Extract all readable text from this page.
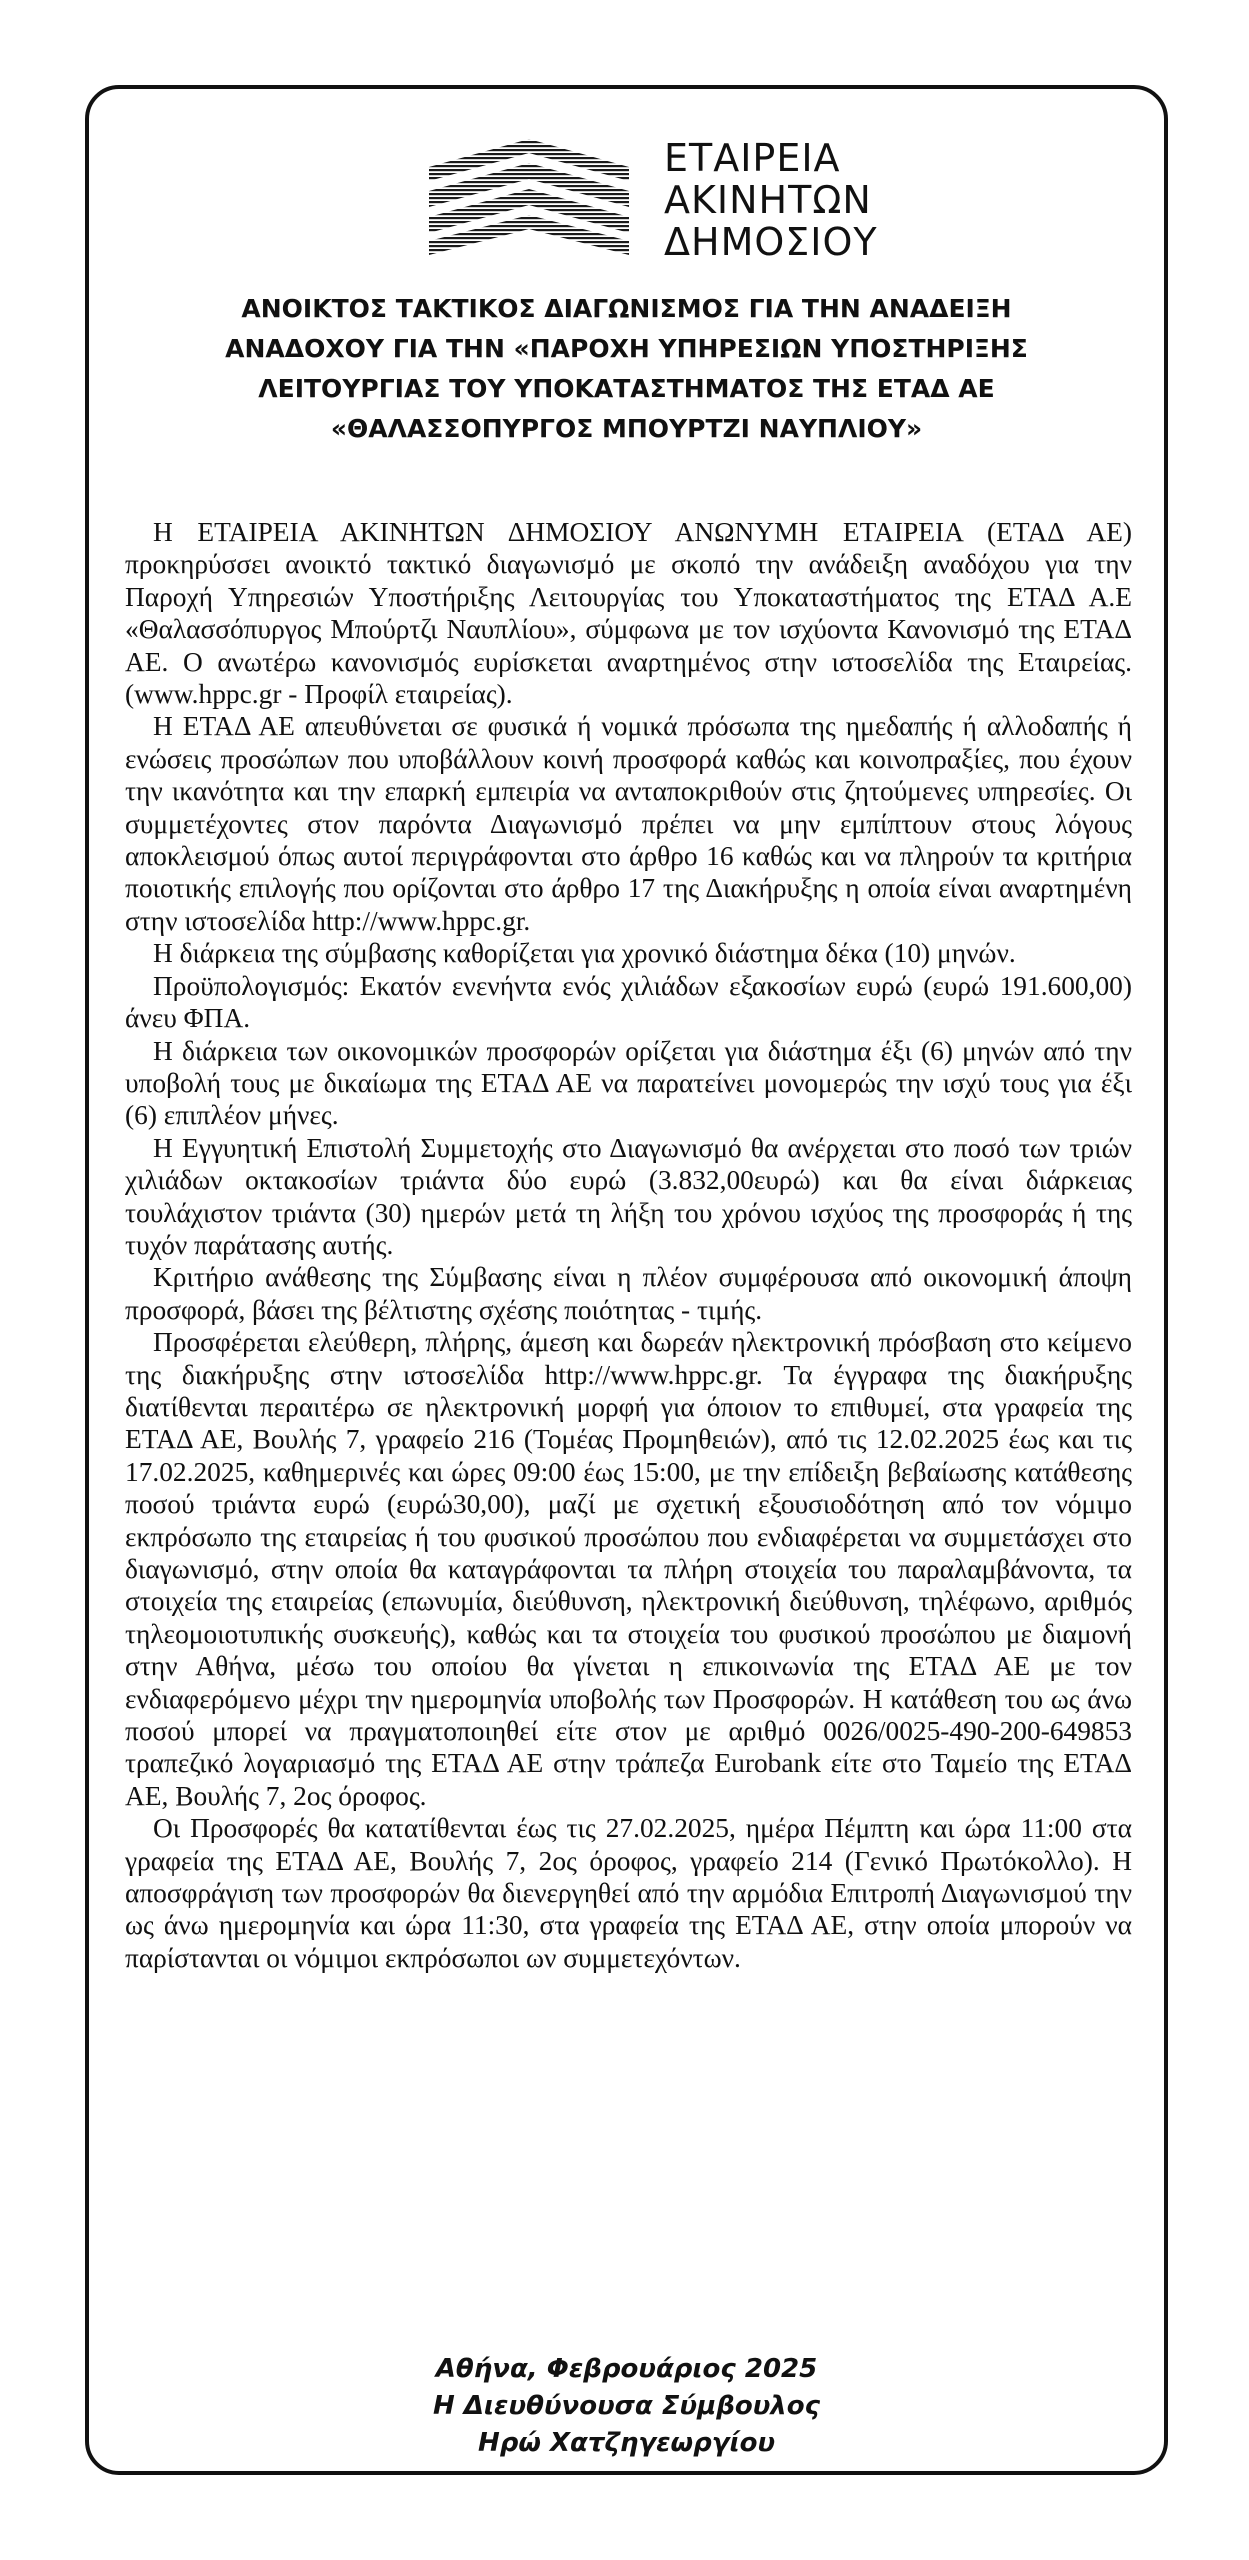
ΕΤΑΙΡΕΙΑ
ΑΚΙΝΗΤΩΝ
ΔΗΜΟΣΙΟΥ
ΑΝΟΙΚΤΟΣ ΤΑΚΤΙΚΟΣ ΔΙΑΓΩΝΙΣΜΟΣ ΓΙΑ ΤΗΝ ΑΝΑΔΕΙΞΗ
ΑΝΑΔΟΧΟΥ ΓΙΑ ΤΗΝ «ΠΑΡΟΧΗ ΥΠΗΡΕΣΙΩΝ ΥΠΟΣΤΗΡΙΞΗΣ
ΛΕΙΤΟΥΡΓΙΑΣ ΤΟΥ ΥΠΟΚΑΤΑΣΤΗΜΑΤΟΣ ΤΗΣ ΕΤΑΔ ΑΕ
«ΘΑΛΑΣΣΟΠΥΡΓΟΣ ΜΠΟΥΡΤΖΙ ΝΑΥΠΛΙΟΥ»

Η ΕΤΑΙΡΕΙΑ ΑΚΙΝΗΤΩΝ ΔΗΜΟΣΙΟΥ ΑΝΩΝΥΜΗ ΕΤΑΙΡΕΙΑ (ΕΤΑΔ ΑΕ) προκηρύσσει ανοικτό τακτικό διαγωνισμό με σκοπό την ανάδειξη αναδόχου για την Παροχή Υπηρεσιών Υποστήριξης Λειτουργίας του Υποκαταστήματος της ΕΤΑΔ Α.Ε «Θαλασσόπυργος Μπούρτζι Ναυπλίου», σύμφωνα με τον ισχύοντα Κανονισμό της ΕΤΑΔ ΑΕ. Ο ανωτέρω κανονισμός ευρίσκεται αναρτημένος στην ιστοσελίδα της Εταιρείας. (www.hppc.gr - Προφίλ εταιρείας).

Η ΕΤΑΔ ΑΕ απευθύνεται σε φυσικά ή νομικά πρόσωπα της ημεδαπής ή αλλοδαπής ή ενώσεις προσώπων που υποβάλλουν κοινή προσφορά καθώς και κοινοπραξίες, που έχουν την ικανότητα και την επαρκή εμπειρία να ανταποκριθούν στις ζητούμενες υπηρεσίες. Οι συμμετέχοντες στον παρόντα Διαγωνισμό πρέπει να μην εμπίπτουν στους λόγους αποκλεισμού όπως αυτοί περιγράφονται στο άρθρο 16 καθώς και να πληρούν τα κριτήρια ποιοτικής επιλογής που ορίζονται στο άρθρο 17 της Διακήρυξης η οποία είναι αναρτημένη στην ιστοσελίδα http://www.hppc.gr.

Η διάρκεια της σύμβασης καθορίζεται για χρονικό διάστημα δέκα (10) μηνών.

Προϋπολογισμός: Εκατόν ενενήντα ενός χιλιάδων εξακοσίων ευρώ (ευρώ 191.600,00) άνευ ΦΠΑ.

Η διάρκεια των οικονομικών προσφορών ορίζεται για διάστημα έξι (6) μηνών από την υποβολή τους με δικαίωμα της ΕΤΑΔ ΑΕ να παρατείνει μονομερώς την ισχύ τους για έξι (6) επιπλέον μήνες.

Η Εγγυητική Επιστολή Συμμετοχής στο Διαγωνισμό θα ανέρχεται στο ποσό των τριών χιλιάδων οκτακοσίων τριάντα δύο ευρώ (3.832,00ευρώ) και θα είναι διάρκειας τουλάχιστον τριάντα (30) ημερών μετά τη λήξη του χρόνου ισχύος της προσφοράς ή της τυχόν παράτασης αυτής.

Κριτήριο ανάθεσης της Σύμβασης είναι η πλέον συμφέρουσα από οικονομική άποψη προσφορά, βάσει της βέλτιστης σχέσης ποιότητας - τιμής.

Προσφέρεται ελεύθερη, πλήρης, άμεση και δωρεάν ηλεκτρονική πρόσβαση στο κείμενο της διακήρυξης στην ιστοσελίδα http://www.hppc.gr. Τα έγγραφα της διακήρυξης διατίθενται περαιτέρω σε ηλεκτρονική μορφή για όποιον το επιθυμεί, στα γραφεία της ΕΤΑΔ ΑΕ, Βουλής 7, γραφείο 216 (Τομέας Προμηθειών), από τις 12.02.2025 έως και τις 17.02.2025, καθημερινές και ώρες 09:00 έως 15:00, με την επίδειξη βεβαίωσης κατάθεσης ποσού τριάντα ευρώ (ευρώ30,00), μαζί με σχετική εξουσιοδότηση από τον νόμιμο εκπρόσωπο της εταιρείας ή του φυσικού προσώπου που ενδιαφέρεται να συμμετάσχει στο διαγωνισμό, στην οποία θα καταγράφονται τα πλήρη στοιχεία του παραλαμβάνοντα, τα στοιχεία της εταιρείας (επωνυμία, διεύθυνση, ηλεκτρονική διεύθυνση, τηλέφωνο, αριθμός τηλεομοιοτυπικής συσκευής), καθώς και τα στοιχεία του φυσικού προσώπου με διαμονή στην Αθήνα, μέσω του οποίου θα γίνεται η επικοινωνία της ΕΤΑΔ ΑΕ με τον ενδιαφερόμενο μέχρι την ημερομηνία υποβολής των Προσφορών. Η κατάθεση του ως άνω ποσού μπορεί να πραγματοποιηθεί είτε στον με αριθμό 0026/0025-490-200-649853 τραπεζικό λογαριασμό της ΕΤΑΔ ΑΕ στην τράπεζα Eurobank είτε στο Ταμείο της ΕΤΑΔ ΑΕ, Βουλής 7, 2ος όροφος.

Οι Προσφορές θα κατατίθενται έως τις 27.02.2025, ημέρα Πέμπτη και ώρα 11:00 στα γραφεία της ΕΤΑΔ ΑΕ, Βουλής 7, 2ος όροφος, γραφείο 214 (Γενικό Πρωτόκολλο). Η αποσφράγιση των προσφορών θα διενεργηθεί από την αρμόδια Επιτροπή Διαγωνισμού την ως άνω ημερομηνία και ώρα 11:30, στα γραφεία της ΕΤΑΔ ΑΕ, στην οποία μπορούν να παρίστανται οι νόμιμοι εκπρόσωποι ων συμμετεχόντων.

Αθήνα, Φεβρουάριος 2025
Η Διευθύνουσα Σύμβουλος
Ηρώ Χατζηγεωργίου
